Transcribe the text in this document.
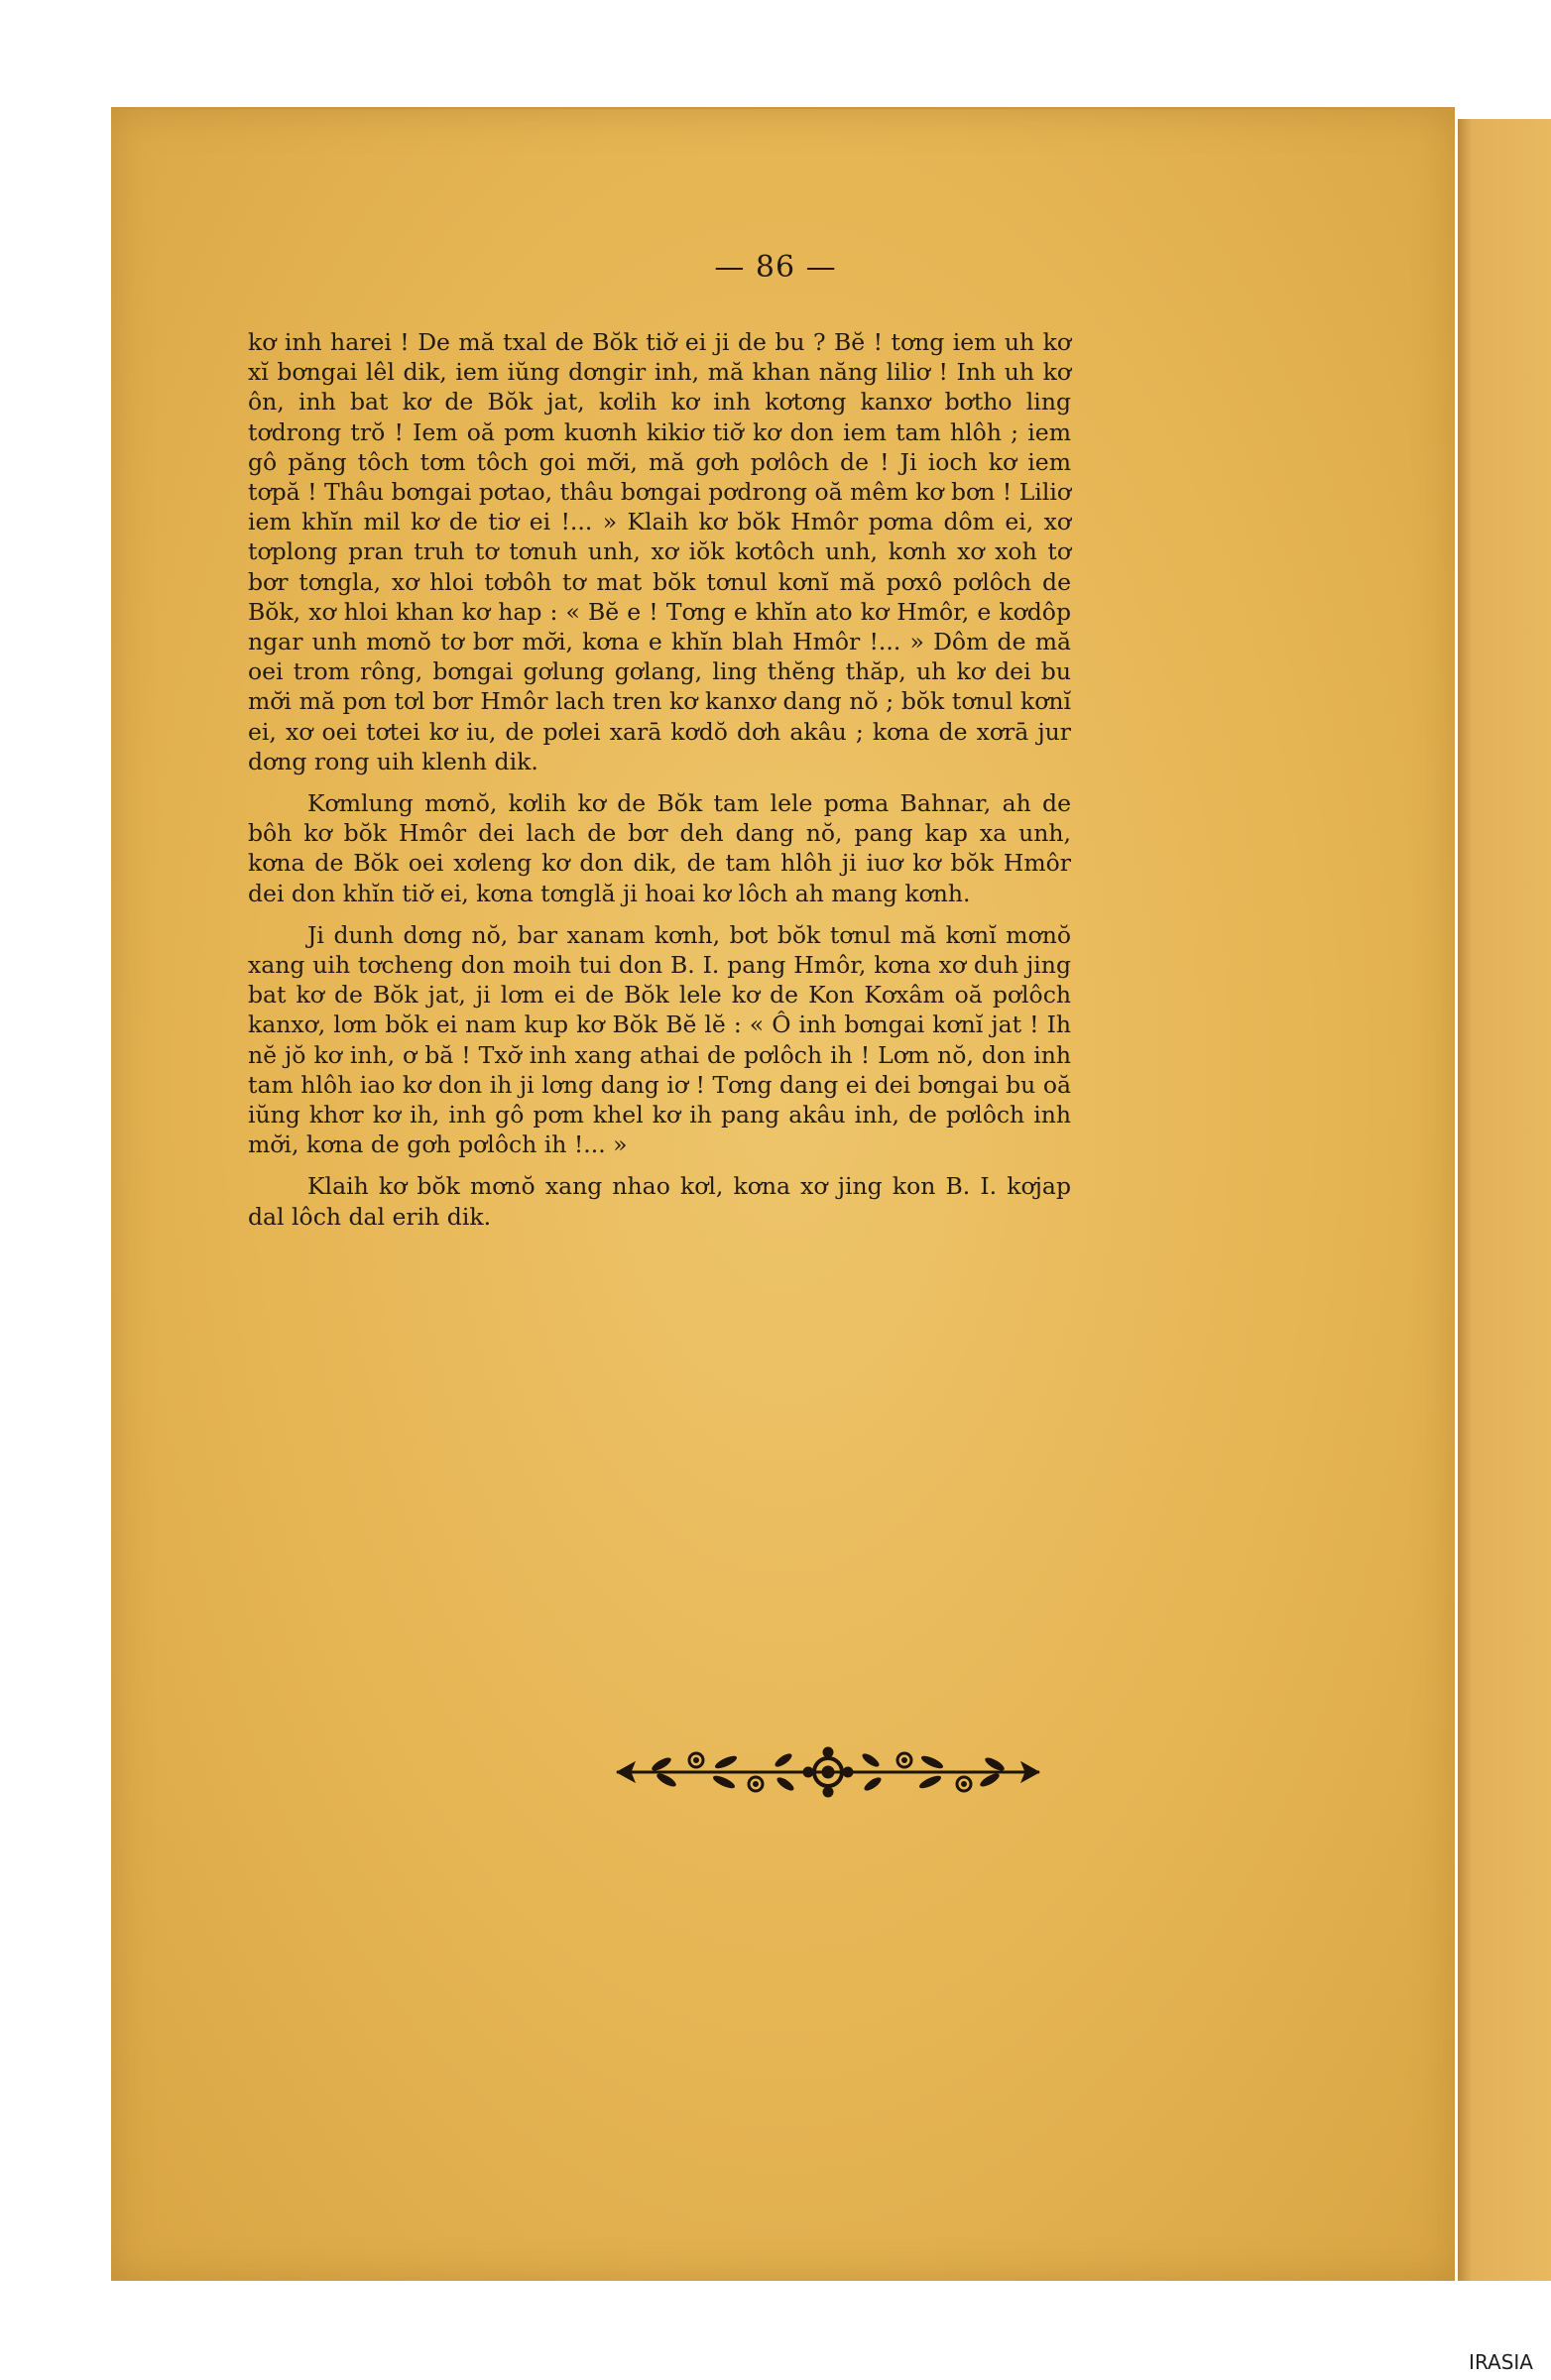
— 86 —

kơ inh harei ! De mă txal de Bŏk tiơ̆ ei ji de bu ? Bĕ ! tơng iem uh kơ xĭ bơngai lêl dik, iem iŭng dơngir inh, mă khan năng liliơ ! Inh uh kơ ôn, inh bat kơ de Bŏk jat, kơlih kơ inh kơtơng kanxơ bơtho ling tơdrong trŏ ! Iem oă pơm kuơnh kikiơ tiơ̆ kơ don iem tam hlôh ; iem gô păng tôch tơm tôch goi mơ̆i, mă gơh pơlôch de ! Ji ioch kơ iem tơpă ! Thâu bơngai pơtao, thâu bơngai pơdrong oă mêm kơ bơn ! Liliơ iem khĭn mil kơ de tiơ ei !... » Klaih kơ bŏk Hmôr pơma dôm ei, xơ tơplong pran truh tơ tơnuh unh, xơ iŏk kơtôch unh, kơnh xơ xoh tơ bơr tơngla, xơ hloi tơbôh tơ mat bŏk tơnul kơnĭ mă pơxô pơlôch de Bŏk, xơ hloi khan kơ hap : « Bĕ e ! Tơng e khĭn ato kơ Hmôr, e kơdôp ngar unh mơnŏ tơ bơr mơ̆i, kơna e khĭn blah Hmôr !... » Dôm de mă oei trom rông, bơngai gơlung gơlang, ling thĕng thăp, uh kơ dei bu mơ̆i mă pơn tơl bơr Hmôr lach tren kơ kanxơ dang nŏ ; bŏk tơnul kơnĭ ei, xơ oei tơtei kơ iu, de pơlei xarā kơdŏ dơh akâu ; kơna de xơrā jur dơng rong uih klenh dik.

Kơmlung mơnŏ, kơlih kơ de Bŏk tam lele pơma Bahnar, ah de bôh kơ bŏk Hmôr dei lach de bơr deh dang nŏ, pang kap xa unh, kơna de Bŏk oei xơleng kơ don dik, de tam hlôh ji iuơ kơ bŏk Hmôr dei don khĭn tiơ̆ ei, kơna tơnglă ji hoai kơ lôch ah mang kơnh.

Ji dunh dơng nŏ, bar xanam kơnh, bơt bŏk tơnul mă kơnĭ mơnŏ xang uih tơcheng don moih tui don B. I. pang Hmôr, kơna xơ duh jing bat kơ de Bŏk jat, ji lơm ei de Bŏk lele kơ de Kon Kơxâm oă pơlôch kanxơ, lơm bŏk ei nam kup kơ Bŏk Bĕ lĕ : « Ô inh bơngai kơnĭ jat ! Ih nĕ jŏ kơ inh, ơ bă ! Txơ̆ inh xang athai de pơlôch ih ! Lơm nŏ, don inh tam hlôh iao kơ don ih ji lơng dang iơ ! Tơng dang ei dei bơngai bu oă iŭng khơr kơ ih, inh gô pơm khel kơ ih pang akâu inh, de pơlôch inh mơ̆i, kơna de gơh pơlôch ih !... »

Klaih kơ bŏk mơnŏ xang nhao kơl, kơna xơ jing kon B. I. kơjap dal lôch dal erih dik.

IRASIA
